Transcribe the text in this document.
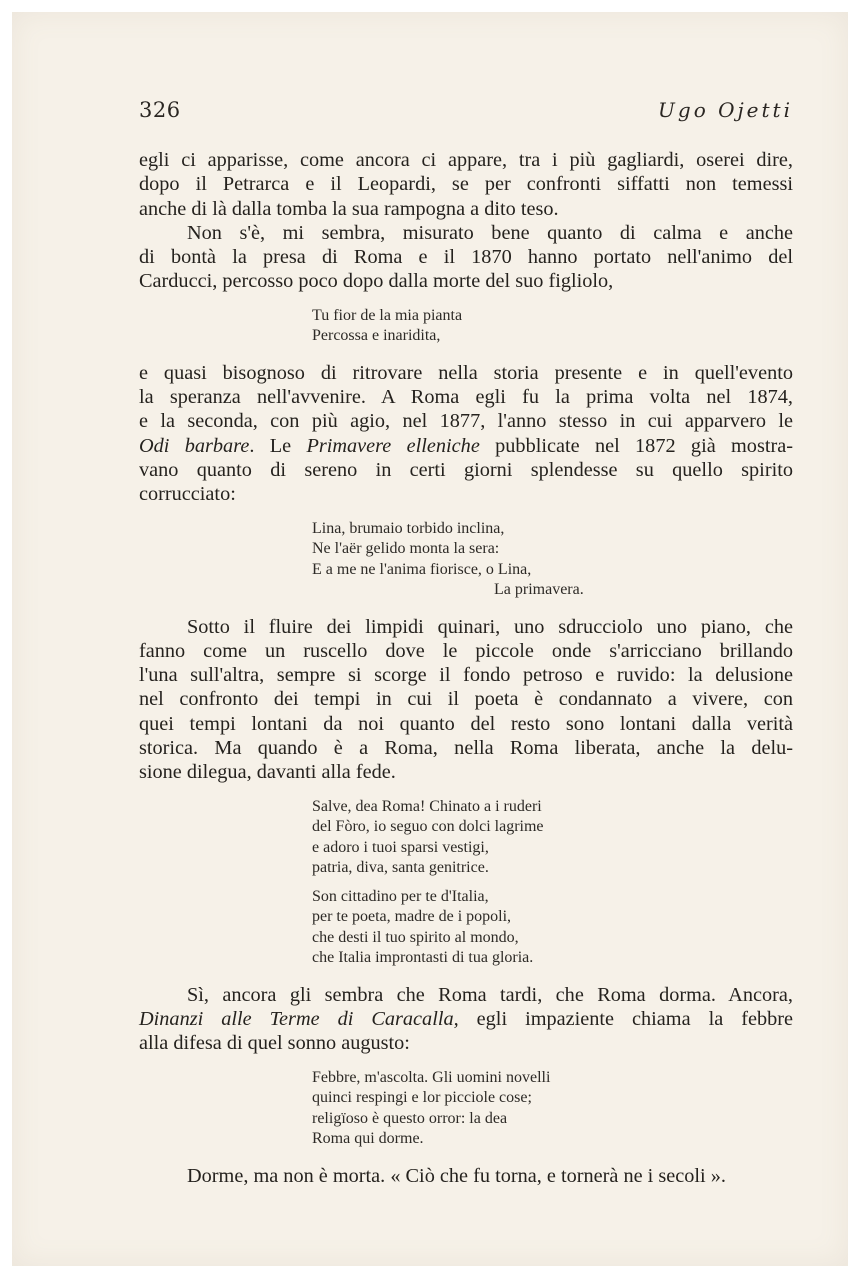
326	Ugo Ojetti

egli ci apparisse, come ancora ci appare, tra i più gagliardi, oserei dire,
dopo il Petrarca e il Leopardi, se per confronti siffatti non temessi
anche di là dalla tomba la sua rampogna a dito teso.

Non s'è, mi sembra, misurato bene quanto di calma e anche
di bontà la presa di Roma e il 1870 hanno portato nell'animo del
Carducci, percosso poco dopo dalla morte del suo figliolo,

Tu fior de la mia pianta
Percossa e inaridita,

e quasi bisognoso di ritrovare nella storia presente e in quell'evento
la speranza nell'avvenire. A Roma egli fu la prima volta nel 1874,
e la seconda, con più agio, nel 1877, l'anno stesso in cui apparvero le
Odi barbare. Le Primavere elleniche pubblicate nel 1872 già mostra-
vano quanto di sereno in certi giorni splendesse su quello spirito
corrucciato:

Lina, brumaio torbido inclina,
Ne l'aër gelido monta la sera:
E a me ne l'anima fiorisce, o Lina,
La primavera.

Sotto il fluire dei limpidi quinari, uno sdrucciolo uno piano, che
fanno come un ruscello dove le piccole onde s'arricciano brillando
l'una sull'altra, sempre si scorge il fondo petroso e ruvido: la delusione
nel confronto dei tempi in cui il poeta è condannato a vivere, con
quei tempi lontani da noi quanto del resto sono lontani dalla verità
storica. Ma quando è a Roma, nella Roma liberata, anche la delu-
sione dilegua, davanti alla fede.

Salve, dea Roma! Chinato a i ruderi
del Fòro, io seguo con dolci lagrime
e adoro i tuoi sparsi vestigi,
patria, diva, santa genitrice.
Son cittadino per te d'Italia,
per te poeta, madre de i popoli,
che desti il tuo spirito al mondo,
che Italia improntasti di tua gloria.

Sì, ancora gli sembra che Roma tardi, che Roma dorma. Ancora,
Dinanzi alle Terme di Caracalla, egli impaziente chiama la febbre
alla difesa di quel sonno augusto:

Febbre, m'ascolta. Gli uomini novelli
quinci respingi e lor picciole cose;
religïoso è questo orror: la dea
Roma qui dorme.

Dorme, ma non è morta. « Ciò che fu torna, e tornerà ne i secoli ».
